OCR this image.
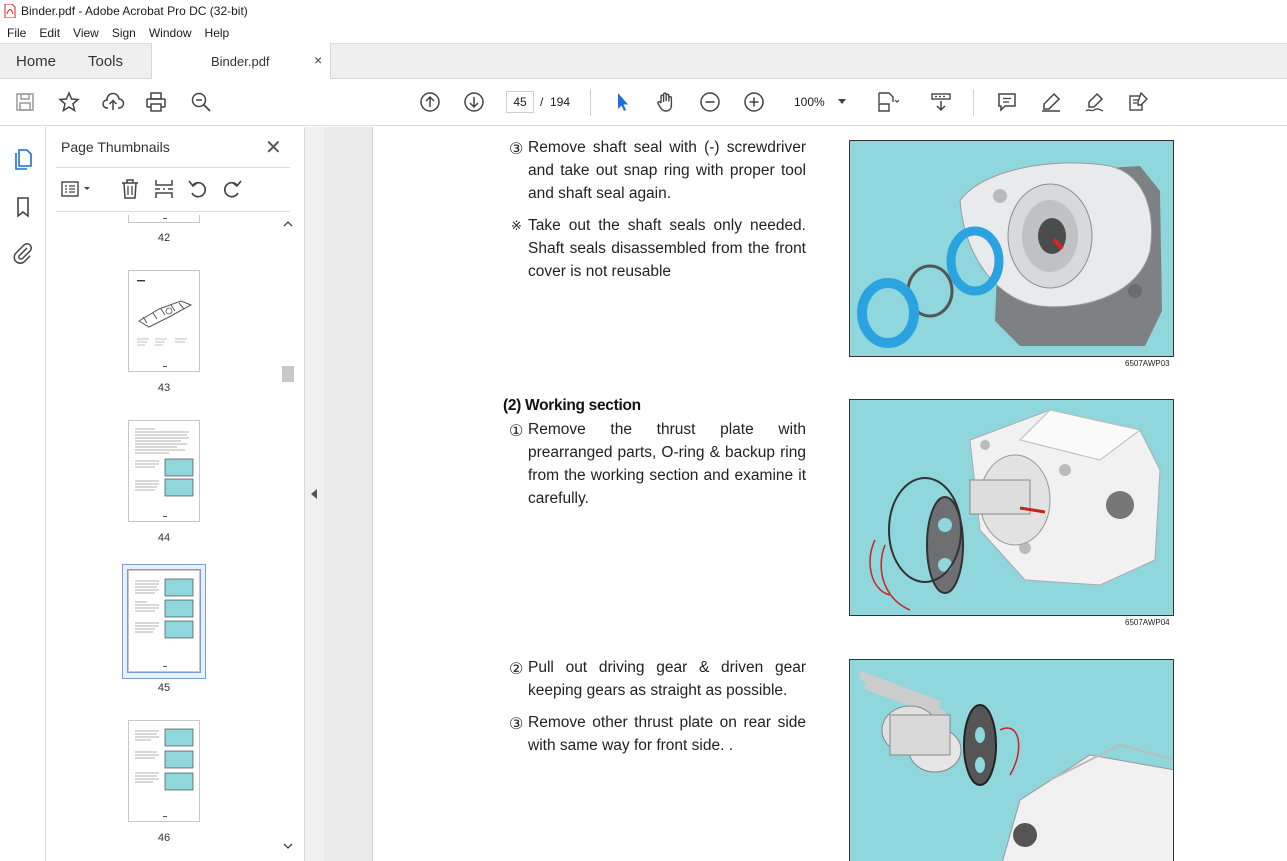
Binder.pdf - Adobe Acrobat Pro DC (32-bit)
File	Edit	View	Sign	Window	Help
Home Tools	Binder.pdf	×
45	/ 194	100%
Page Thumbnails	✕
42
43
44
45
46
③ Remove shaft seal with (-) screwdriver and take out snap ring with proper tool and shaft seal again.
※ Take out the shaft seals only needed. Shaft seals disassembled from the front cover is not reusable
6507AWP03
(2) Working section
① Remove the thrust plate with prearranged parts, O-ring & backup ring from the working section and examine it carefully.
6507AWP04
② Pull out driving gear & driven gear keeping gears as straight as possible.
③ Remove other thrust plate on rear side with same way for front side. .
